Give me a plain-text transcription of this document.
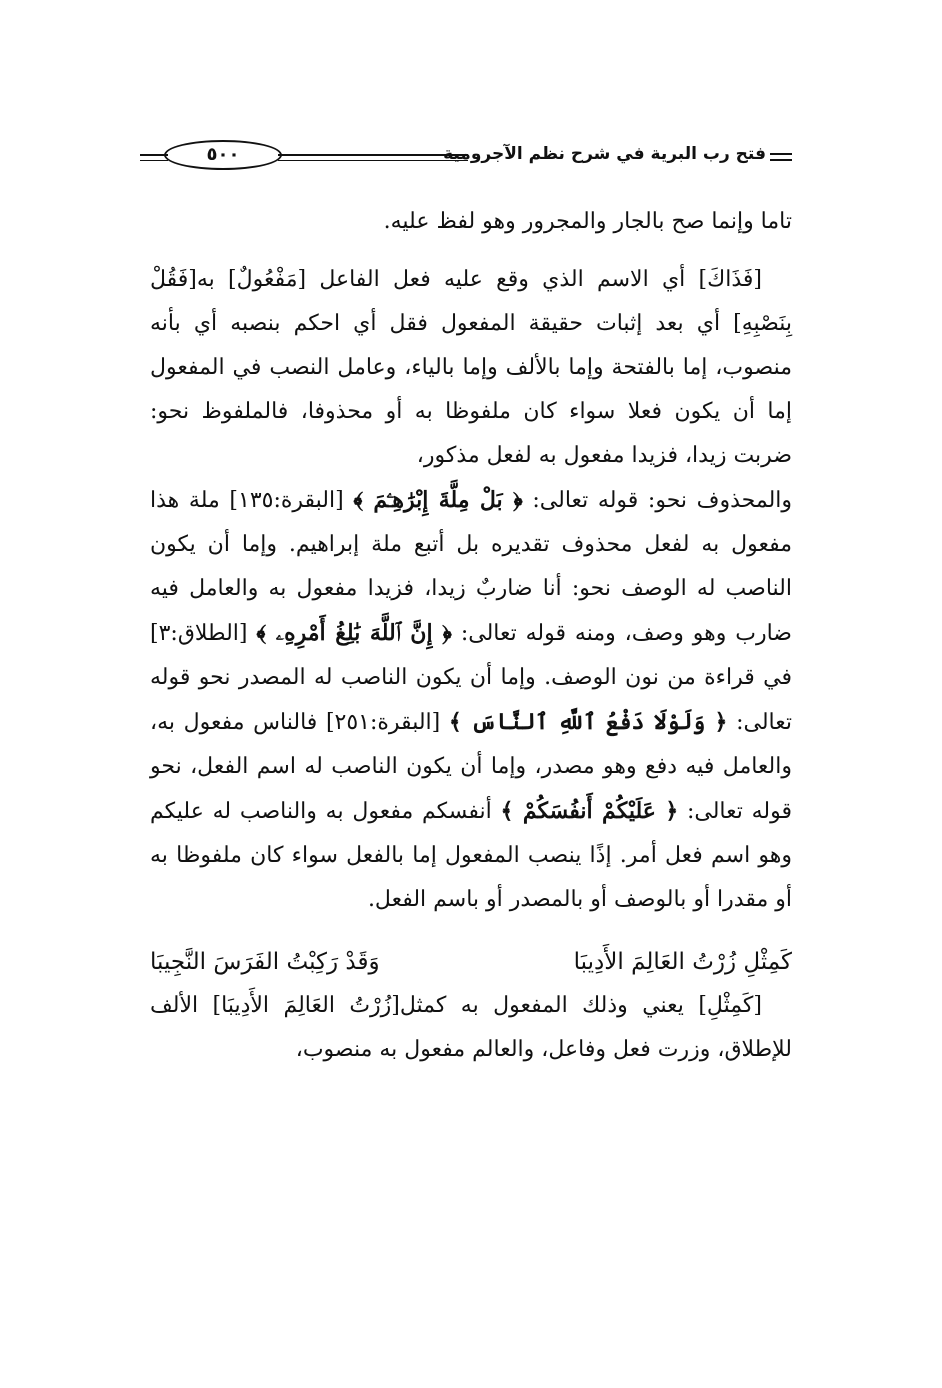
فتح رب البرية في شرح نظم الآجرومية
٥٠٠

تاما وإنما صح بالجار والمجرور وهو لفظ عليه.

[فَذَاكَ] أي الاسم الذي وقع عليه فعل الفاعل [مَفْعُولٌ] به[فَقُلْ بِنَصْبِهِ] أي بعد إثبات حقيقة المفعول فقل أي احكم بنصبه أي بأنه منصوب، إما بالفتحة وإما بالألف وإما بالياء، وعامل النصب في المفعول إما أن يكون فعلا سواء كان ملفوظا به أو محذوفا، فالملفوظ نحو: ضربت زيدا، فزيدا مفعول به لفعل مذكور،

والمحذوف نحو: قوله تعالى: ﴿ بَلْ مِلَّةَ إِبْرَٰهِـۧمَ ﴾ [البقرة:١٣٥] ملة هذا مفعول به لفعل محذوف تقديره بل أتبع ملة إبراهيم. وإما أن يكون الناصب له الوصف نحو: أنا ضاربٌ زيدا، فزيدا مفعول به والعامل فيه ضارب وهو وصف، ومنه قوله تعالى: ﴿ إِنَّ ٱللَّهَ بَٰلِغُ أَمْرِهِۦ ﴾ [الطلاق:٣] في قراءة من نون الوصف. وإما أن يكون الناصب له المصدر نحو قوله تعالى: ﴿ وَلَوْلَا دَفْعُ ٱللَّهِ ٱلنَّاسَ ﴾ [البقرة:٢٥١] فالناس مفعول به، والعامل فيه دفع وهو مصدر، وإما أن يكون الناصب له اسم الفعل، نحو قوله تعالى: ﴿ عَلَيْكُمْ أَنفُسَكُمْ ﴾ أنفسكم مفعول به والناصب له عليكم وهو اسم فعل أمر. إذًا ينصب المفعول إما بالفعل سواء كان ملفوظا به أو مقدرا أو بالوصف أو بالمصدر أو باسم الفعل.

كَمِثْلِ زُرْتُ العَالِمَ الأَدِيبَا
وَقَدْ رَكِبْتُ الفَرَسَ النَّجِيبَا

[كَمِثْلِ] يعني وذلك المفعول به كمثل[زُرْتُ العَالِمَ الأَدِيبَا] الألف للإطلاق، وزرت فعل وفاعل، والعالم مفعول به منصوب،
